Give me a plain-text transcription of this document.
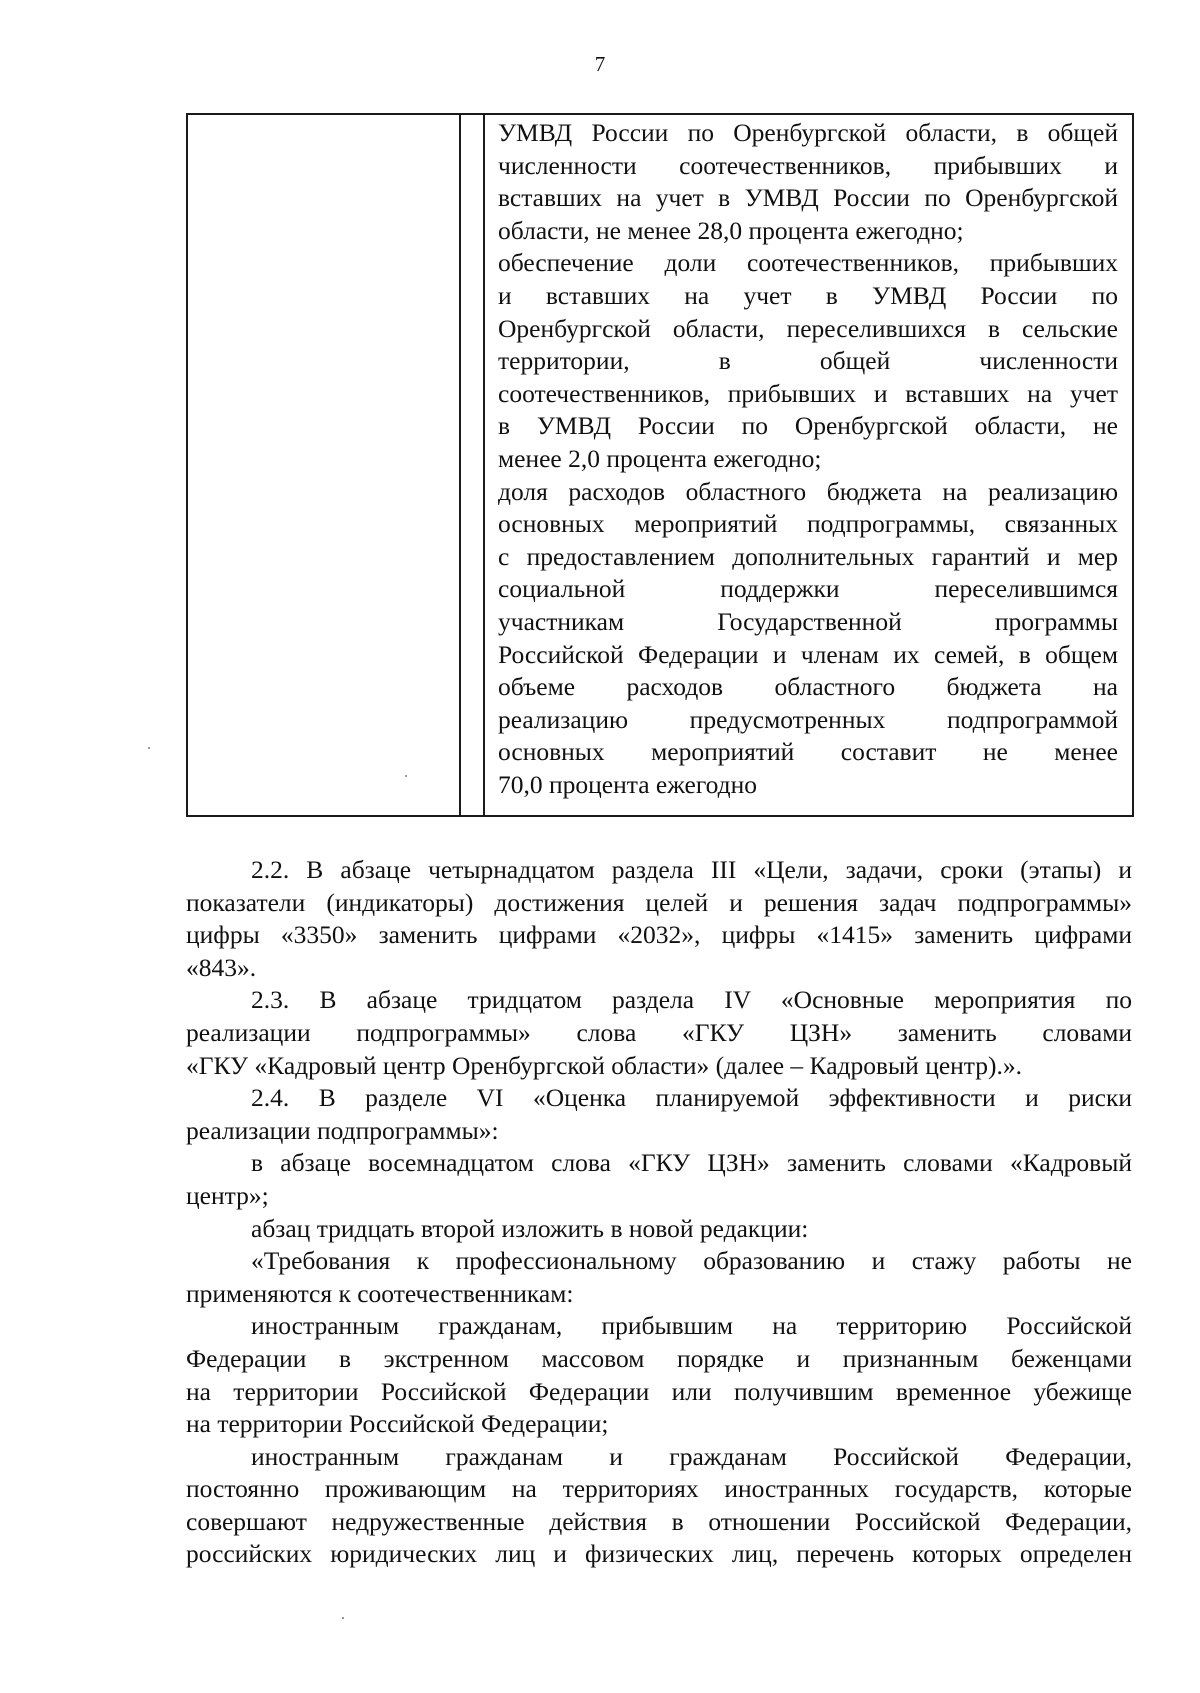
7
УМВД России по Оренбургской области, в общей
численности соотечественников, прибывших и
вставших на учет в УМВД России по Оренбургской
области, не менее 28,0 процента ежегодно;
обеспечение доли соотечественников, прибывших
и вставших на учет в УМВД России по
Оренбургской области, переселившихся в сельские
территории, в общей численности
соотечественников, прибывших и вставших на учет
в УМВД России по Оренбургской области, не
менее 2,0 процента ежегодно;
доля расходов областного бюджета на реализацию
основных мероприятий подпрограммы, связанных
с предоставлением дополнительных гарантий и мер
социальной поддержки переселившимся
участникам Государственной программы
Российской Федерации и членам их семей, в общем
объеме расходов областного бюджета на
реализацию предусмотренных подпрограммой
основных мероприятий составит не менее
70,0 процента ежегодно
2.2. В абзаце четырнадцатом раздела III «Цели, задачи, сроки (этапы) и
показатели (индикаторы) достижения целей и решения задач подпрограммы»
цифры «3350» заменить цифрами «2032», цифры «1415» заменить цифрами
«843».
2.3. В абзаце тридцатом раздела IV «Основные мероприятия по
реализации подпрограммы» слова «ГКУ ЦЗН» заменить словами
«ГКУ «Кадровый центр Оренбургской области» (далее – Кадровый центр).».
2.4. В разделе VI «Оценка планируемой эффективности и риски
реализации подпрограммы»:
в абзаце восемнадцатом слова «ГКУ ЦЗН» заменить словами «Кадровый
центр»;
абзац тридцать второй изложить в новой редакции:
«Требования к профессиональному образованию и стажу работы не
применяются к соотечественникам:
иностранным гражданам, прибывшим на территорию Российской
Федерации в экстренном массовом порядке и признанным беженцами
на территории Российской Федерации или получившим временное убежище
на территории Российской Федерации;
иностранным гражданам и гражданам Российской Федерации,
постоянно проживающим на территориях иностранных государств, которые
совершают недружественные действия в отношении Российской Федерации,
российских юридических лиц и физических лиц, перечень которых определен
